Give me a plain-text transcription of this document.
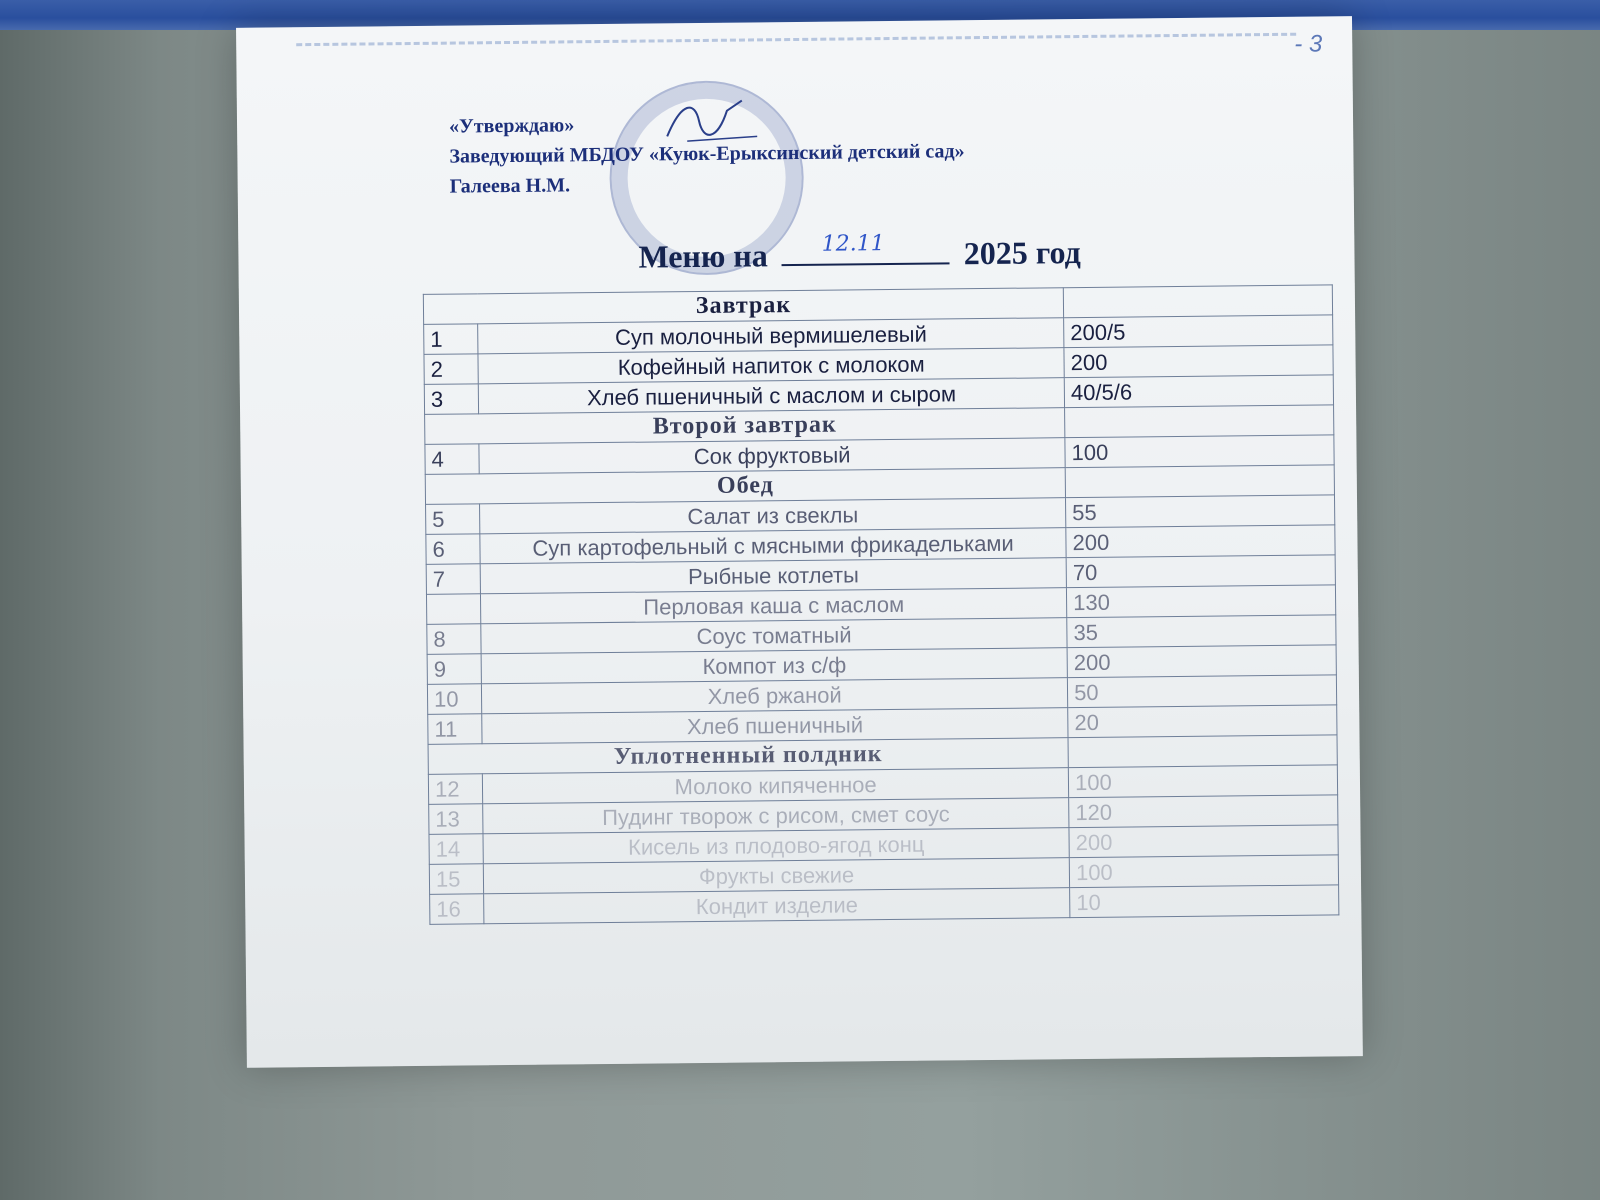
- 3
«Утверждаю»
Заведующий МБДОУ «Куюк-Ерыксинский детский сад»
Галеева Н.М.
Меню на 12.11 2025 год
Завтрак		
1	Суп молочный вермишелевый	200/5
2	Кофейный напиток с молоком	200
3	Хлеб пшеничный с маслом и сыром	40/5/6
Второй завтрак		
4	Сок фруктовый	100
Обед		
5	Салат из свеклы	55
6	Суп картофельный с мясными фрикадельками	200
7	Рыбные котлеты	70
	Перловая каша с маслом	130
8	Соус томатный	35
9	Компот из с/ф	200
10	Хлеб ржаной	50
11	Хлеб пшеничный	20
Уплотненный полдник		
12	Молоко кипяченное	100
13	Пудинг творож с рисом, смет соус	120
14	Кисель из плодово-ягод конц	200
15	Фрукты свежие	100
16	Кондит изделие	10
